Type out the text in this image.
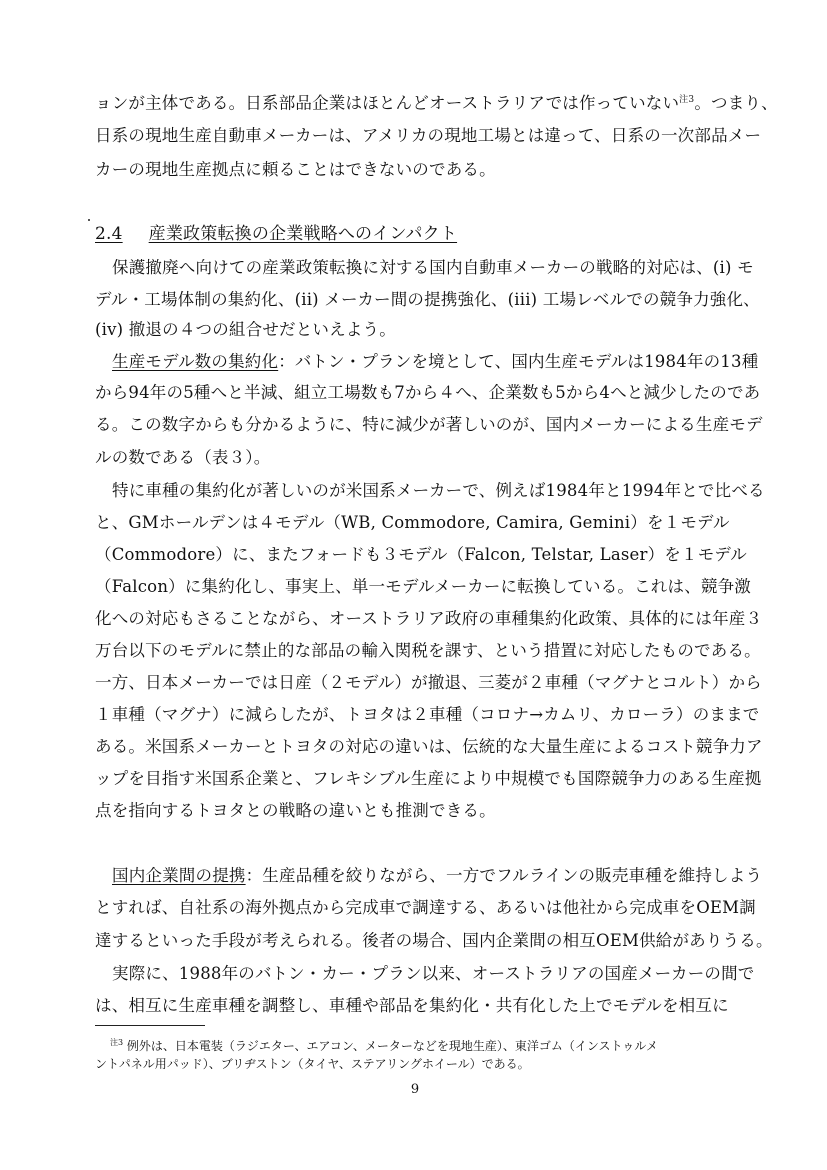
ョンが主体である。日系部品企業はほとんどオーストラリアでは作っていない$^{注3}$。つまり、
日系の現地生産自動車メーカーは、アメリカの現地工場とは違って、日系の一次部品メー
カーの現地生産拠点に頼ることはできないのである。
2.4 産業政策転換の企業戦略へのインパクト
保護撤廃へ向けての産業政策転換に対する国内自動車メーカーの戦略的対応は、(i) モ
デル・工場体制の集約化、(ii) メーカー間の提携強化、(iii) 工場レベルでの競争力強化、
(iv) 撤退の４つの組合せだといえよう。
生産モデル数の集約化：バトン・プランを境として、国内生産モデルは1984年の13種
から94年の5種へと半減、組立工場数も7から４へ、企業数も5から4へと減少したのであ
る。この数字からも分かるように、特に減少が著しいのが、国内メーカーによる生産モデ
ルの数である（表３）。
特に車種の集約化が著しいのが米国系メーカーで、例えば1984年と1994年とで比べる
と、GMホールデンは４モデル（WB, Commodore, Camira, Gemini）を１モデル
（Commodore）に、またフォードも３モデル（Falcon, Telstar, Laser）を１モデル
（Falcon）に集約化し、事実上、単一モデルメーカーに転換している。これは、競争激
化への対応もさることながら、オーストラリア政府の車種集約化政策、具体的には年産３
万台以下のモデルに禁止的な部品の輸入関税を課す、という措置に対応したものである。
一方、日本メーカーでは日産（２モデル）が撤退、三菱が２車種（マグナとコルト）から
１車種（マグナ）に減らしたが、トヨタは２車種（コロナ→カムリ、カローラ）のままで
ある。米国系メーカーとトヨタの対応の違いは、伝統的な大量生産によるコスト競争力ア
ップを目指す米国系企業と、フレキシブル生産により中規模でも国際競争力のある生産拠
点を指向するトヨタとの戦略の違いとも推測できる。
国内企業間の提携：生産品種を絞りながら、一方でフルラインの販売車種を維持しよう
とすれば、自社系の海外拠点から完成車で調達する、あるいは他社から完成車をOEM調
達するといった手段が考えられる。後者の場合、国内企業間の相互OEM供給がありうる。
実際に、1988年のバトン・カー・プラン以来、オーストラリアの国産メーカーの間で
は、相互に生産車種を調整し、車種や部品を集約化・共有化した上でモデルを相互に
$^{注3}$ 例外は、日本電装（ラジエター、エアコン、メーターなどを現地生産）、東洋ゴム（インストゥルメ
ントパネル用パッド）、ブリヂストン（タイヤ、ステアリングホイール）である。
9
